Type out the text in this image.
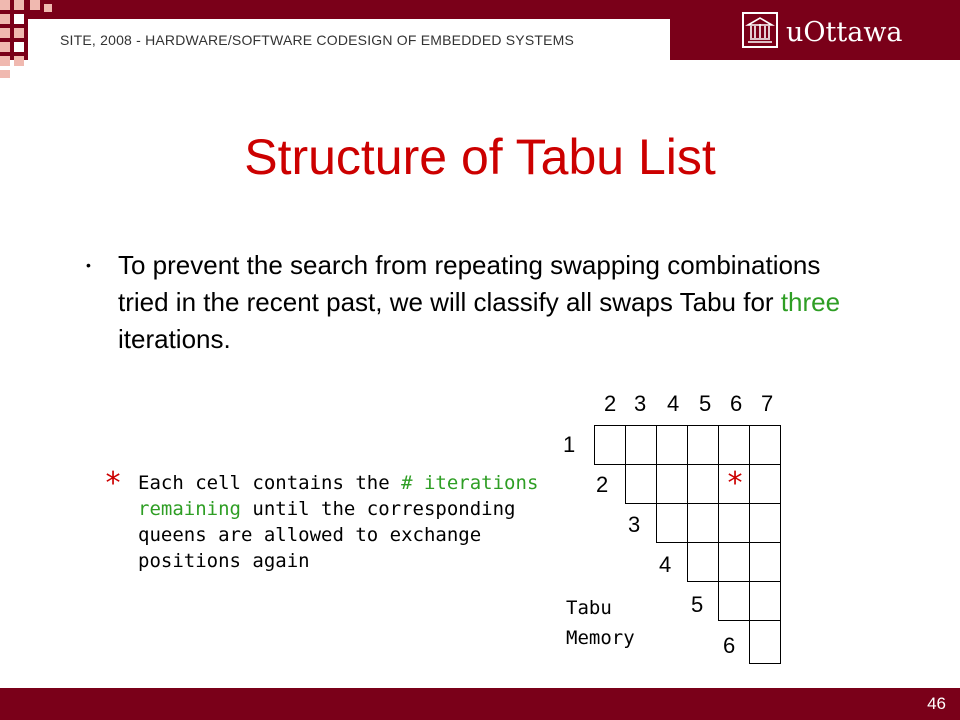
SITE, 2008 - HARDWARE/SOFTWARE CODESIGN OF EMBEDDED SYSTEMS	uOttawa
Structure of Tabu List
• To prevent the search from repeating swapping combinations tried in the recent past, we will classify all swaps Tabu for three iterations.
* Each cell contains the # iterations remaining until the corresponding queens are allowed to exchange positions again
2 3 4 5 6 7
1
2
3
4
5
6
*
Tabu
Memory
46
